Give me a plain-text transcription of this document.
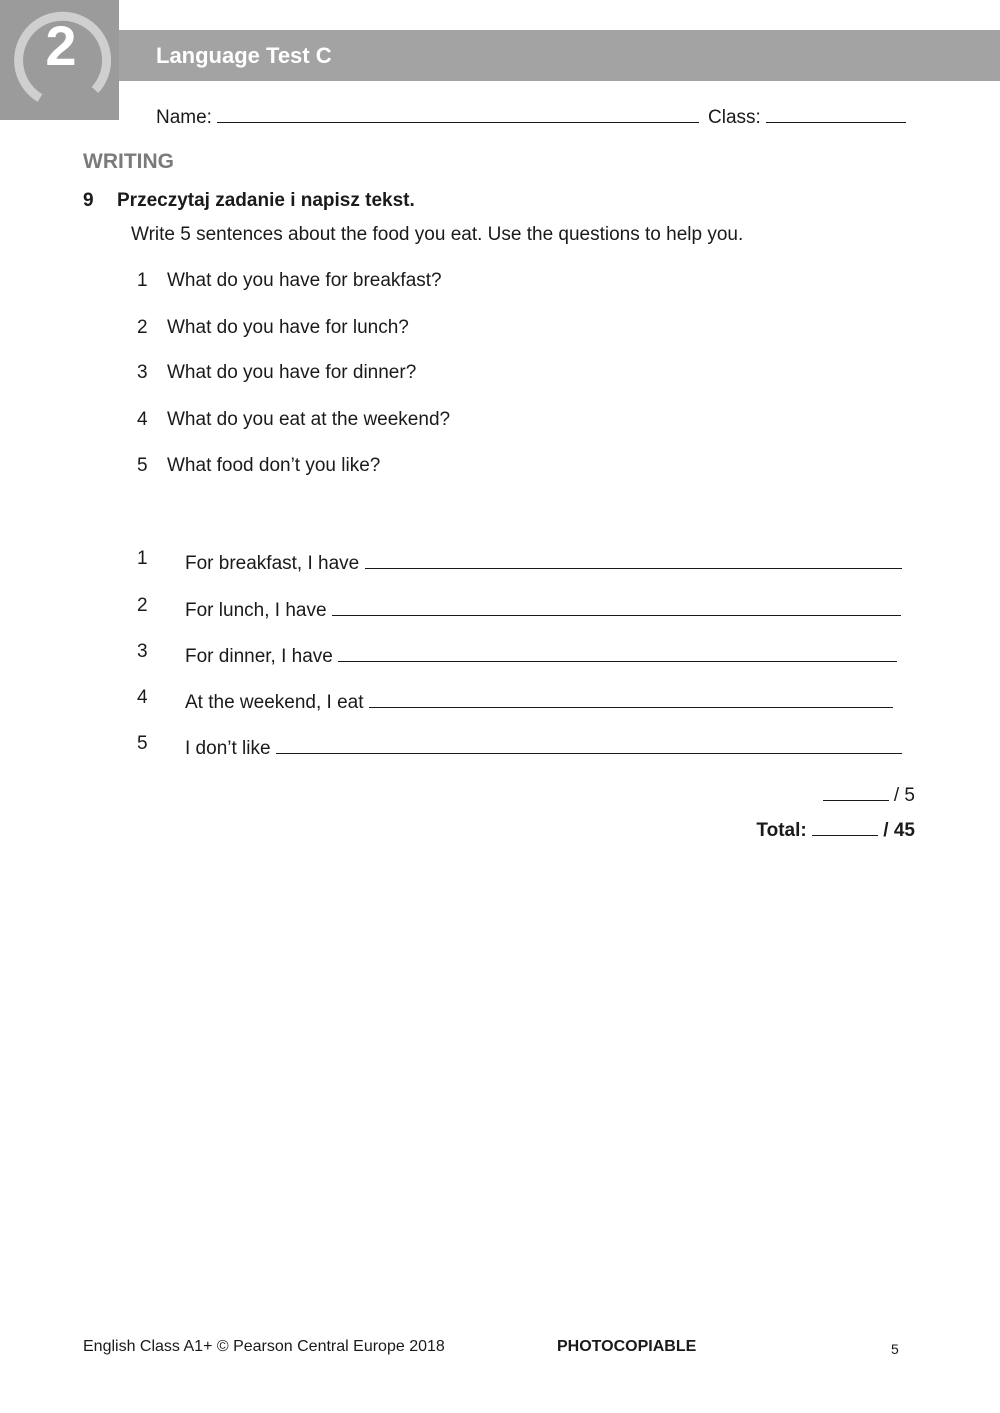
2	Language Test C
Name:	Class:
WRITING
9 Przeczytaj zadanie i napisz tekst.
Write 5 sentences about the food you eat. Use the questions to help you.
1 What do you have for breakfast?
2 What do you have for lunch?
3 What do you have for dinner?
4 What do you eat at the weekend?
5 What food don’t you like?
1 For breakfast, I have
2 For lunch, I have
3 For dinner, I have
4 At the weekend, I eat
5 I don’t like
/ 5
Total:	/ 45
English Class A1+ © Pearson Central Europe 2018	PHOTOCOPIABLE	5
